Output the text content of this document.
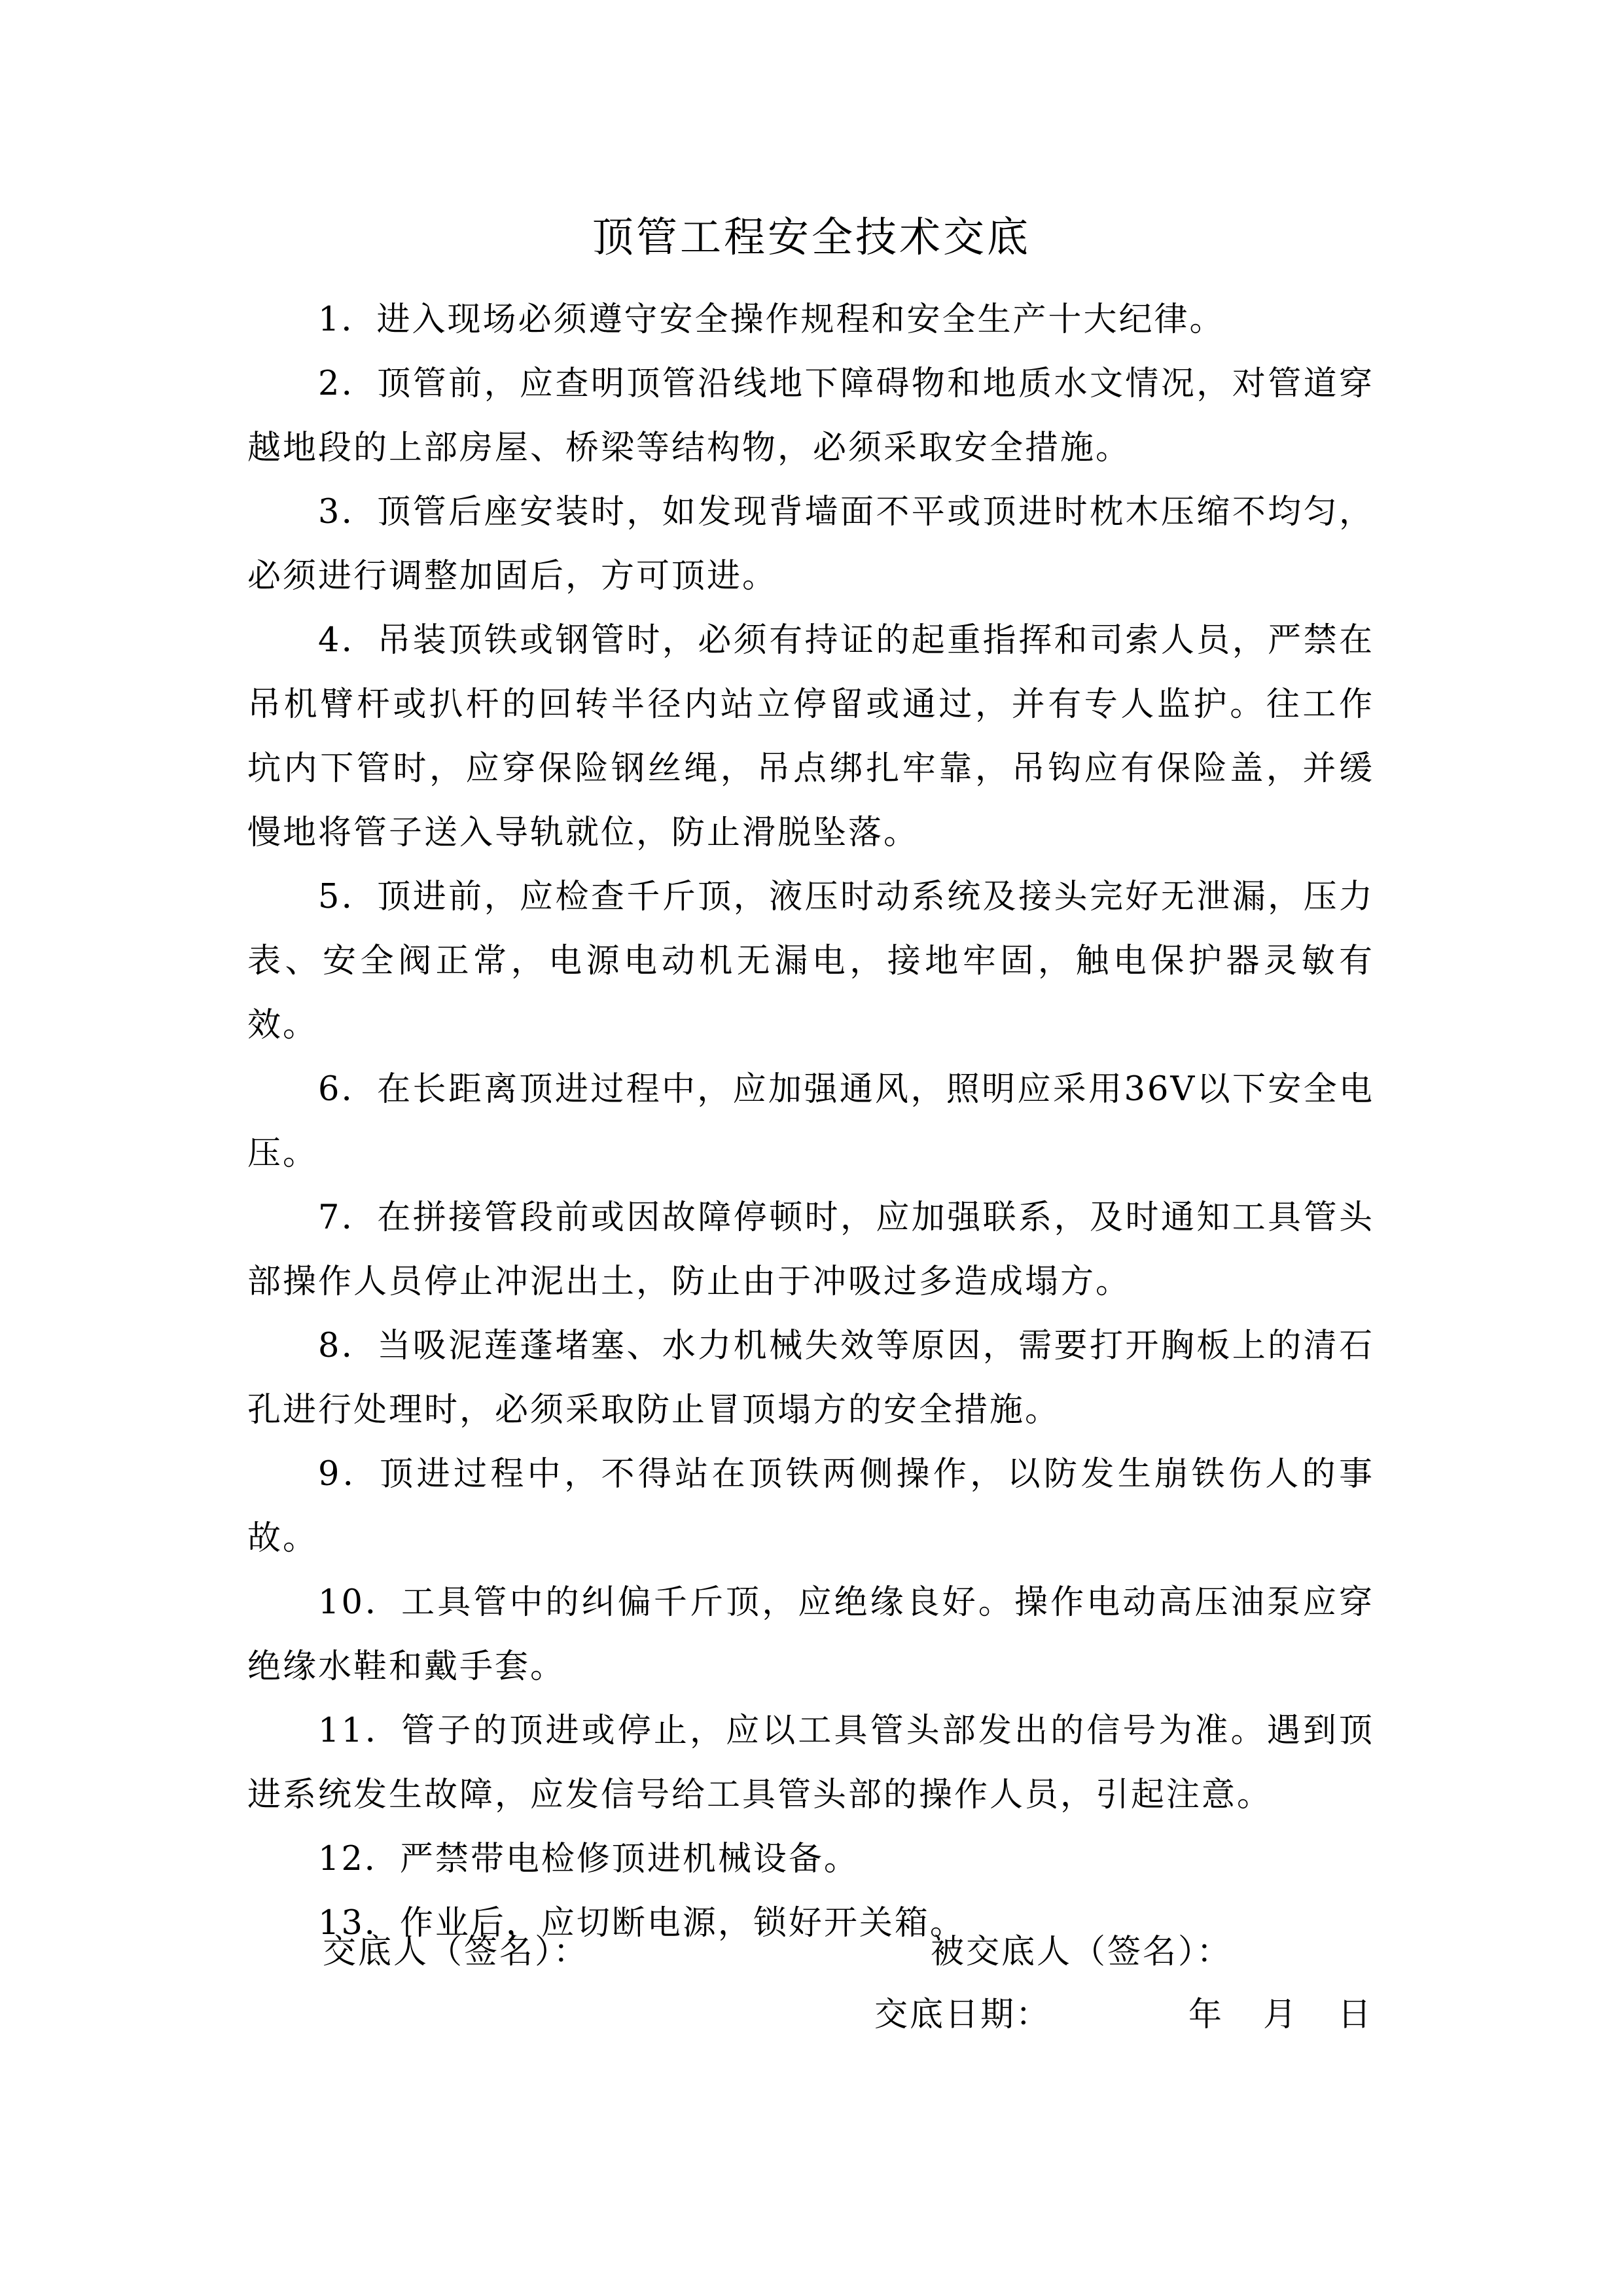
顶管工程安全技术交底

1．进入现场必须遵守安全操作规程和安全生产十大纪律。

2．顶管前，应查明顶管沿线地下障碍物和地质水文情况，对管道穿越地段的上部房屋、桥梁等结构物，必须采取安全措施。

3．顶管后座安装时，如发现背墙面不平或顶进时枕木压缩不均匀，必须进行调整加固后，方可顶进。

4．吊装顶铁或钢管时，必须有持证的起重指挥和司索人员，严禁在吊机臂杆或扒杆的回转半径内站立停留或通过，并有专人监护。往工作坑内下管时，应穿保险钢丝绳，吊点绑扎牢靠，吊钩应有保险盖，并缓慢地将管子送入导轨就位，防止滑脱坠落。

5．顶进前，应检查千斤顶，液压时动系统及接头完好无泄漏，压力表、安全阀正常，电源电动机无漏电，接地牢固，触电保护器灵敏有效。

6．在长距离顶进过程中，应加强通风，照明应采用36V以下安全电压。

7．在拼接管段前或因故障停顿时，应加强联系，及时通知工具管头部操作人员停止冲泥出土，防止由于冲吸过多造成塌方。

8．当吸泥莲蓬堵塞、水力机械失效等原因，需要打开胸板上的清石孔进行处理时，必须采取防止冒顶塌方的安全措施。

9．顶进过程中，不得站在顶铁两侧操作，以防发生崩铁伤人的事故。

10．工具管中的纠偏千斤顶，应绝缘良好。操作电动高压油泵应穿绝缘水鞋和戴手套。

11．管子的顶进或停止，应以工具管头部发出的信号为准。遇到顶进系统发生故障，应发信号给工具管头部的操作人员，引起注意。

12．严禁带电检修顶进机械设备。

13．作业后，应切断电源，锁好开关箱。

交底人（签名）：	被交底人（签名）：
交底日期：	年 月 日
